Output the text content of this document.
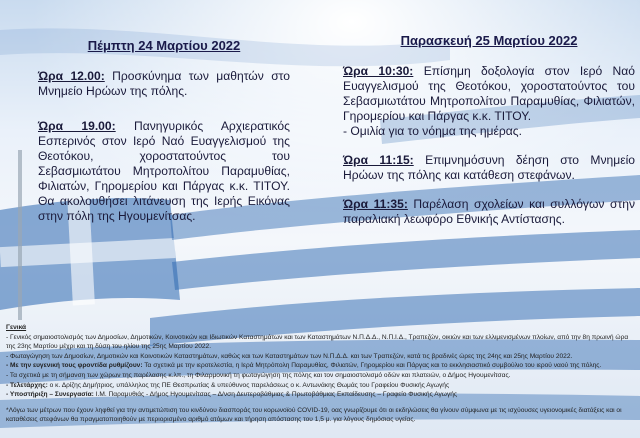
Πέμπτη 24 Μαρτίου 2022

Ώρα 12.00: Προσκύνημα των μαθητών στο Μνημείο Ηρώων της πόλης.

Ώρα 19.00: Πανηγυρικός Αρχιερατικός Εσπερινός στον Ιερό Ναό Ευαγγελισμού της Θεοτόκου, χοροστατούντος του Σεβασμιωτάτου Μητροπολίτου Παραμυθίας, Φιλιατών, Γηρομερίου και Πάργας κ.κ. ΤΙΤΟΥ. Θα ακολουθήσει λιτάνευση της Ιερής Εικόνας στην πόλη της Ηγουμενίτσας.

Παρασκευή 25 Μαρτίου 2022

Ώρα 10:30: Επίσημη δοξολογία στον Ιερό Ναό Ευαγγελισμού της Θεοτόκου, χοροστατούντος του Σεβασμιωτάτου Μητροπολίτου Παραμυθίας, Φιλιατών, Γηρομερίου και Πάργας κ.κ. ΤΙΤΟΥ.

- Ομιλία για το νόημα της ημέρας.

Ώρα 11:15: Επιμνημόσυνη δέηση στο Μνημείο Ηρώων της πόλης και κατάθεση στεφάνων.

Ώρα 11:35: Παρέλαση σχολείων και συλλόγων στην παραλιακή λεωφόρο Εθνικής Αντίστασης.

Γενικά
- Γενικός σημαιοστολισμός των Δημοσίων, Δημοτικών, Κοινοτικών και Ιδιωτικών Καταστημάτων και των Καταστημάτων Ν.Π.Δ.Δ., Ν.Π.Ι.Δ., Τραπεζών, οικιών και των ελλιμενισμένων πλοίων, από την 8η πρωινή ώρα
της 23ης Μαρτίου μέχρι και τη δύση του ηλίου της 25ης Μαρτίου 2022.
- Φωταγώγηση των Δημοσίων, Δημοτικών και Κοινοτικών Καταστημάτων, καθώς και των Καταστημάτων των Ν.Π.Δ.Δ. και των Τραπεζών, κατά τις βραδινές ώρες της 24ης και 25ης Μαρτίου 2022.
- Με την ευγενική τους φροντίδα ρυθμίζουν: Τα σχετικά με την ιεροτελεστία, η Ιερά Μητρόπολη Παραμυθίας, Φιλιατών, Γηρομερίου και Πάργας και το εκκλησιαστικό συμβούλιο του ιερού ναού της πόλης.
- Τα σχετικά με τη σήμανση των χώρων της παρέλασης κ.λπ., τη Φιλαρμονική τη φωταγώγηση της πόλης και τον σημαιοστολισμό οδών και πλατειών, ο Δήμος Ηγουμενίτσας.
- Τελετάρχης: ο κ. Δρίζης Δημήτριος, υπάλληλος της ΠΕ Θεσπρωτίας & υπεύθυνος παρελάσεως ο κ. Αντωνάκης Θωμάς του Γραφείου Φυσικής Αγωγής
- Υποστήριξη – Συνεργασία: Ι.Μ. Παραμυθιάς - Δήμος Ηγουμενίτσας – Δ/νση Δευτεροβάθμιας & Πρωτοβάθμιας Εκπαίδευσης – Γραφείο Φυσικής Αγωγής
*Λόγω των μέτρων που έχουν ληφθεί για την αντιμετώπιση του κινδύνου διασποράς του κορωνοϊού COVID-19, oας γνωρίζουμε ότι οι εκδηλώσεις θα γίνουν σύμφωνα με τις ισχύουσες υγειονομικές διατάξεις και οι
καταθέσεις στεφάνων θα πραγματοποιηθούν με περιορισμένο αριθμό ατόμων και τήρηση απόστασης του 1,5 μ. για λόγους δημόσιας υγείας.
